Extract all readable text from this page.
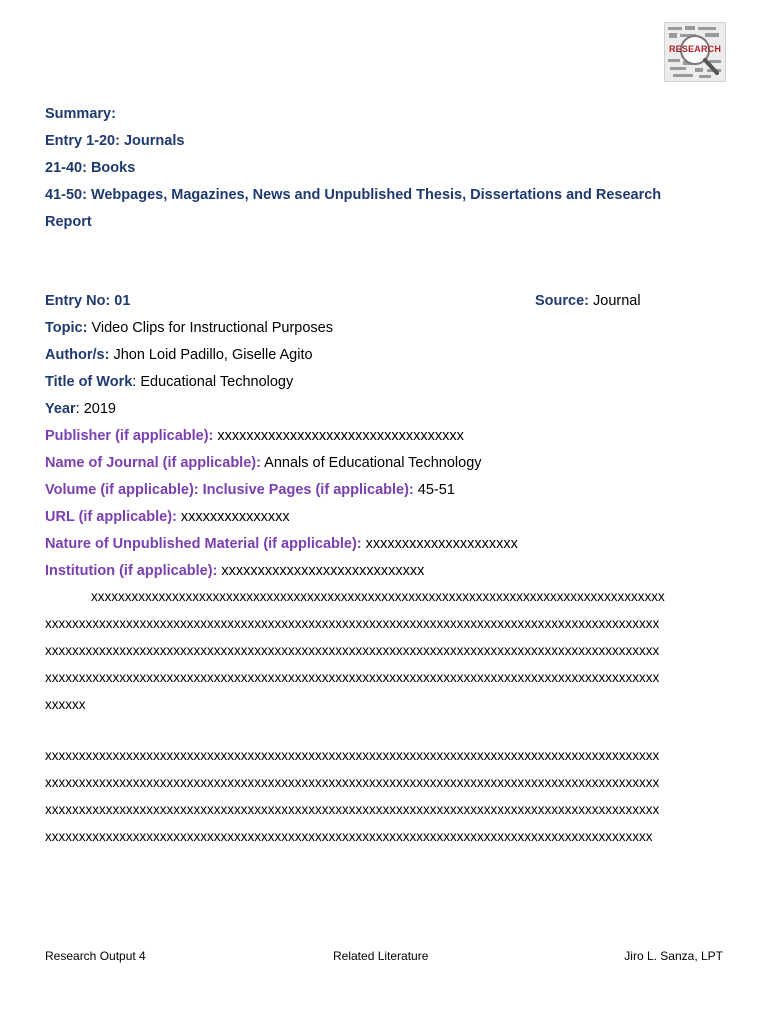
RESEARCH
Summary:
Entry 1-20: Journals
21-40: Books
41-50: Webpages, Magazines, News and Unpublished Thesis, Dissertations and Research
Report
Entry No: 01	Source: Journal
Topic: Video Clips for Instructional Purposes
Author/s: Jhon Loid Padillo, Giselle Agito
Title of Work: Educational Technology
Year: 2019
Publisher (if applicable): xxxxxxxxxxxxxxxxxxxxxxxxxxxxxxxxxx
Name of Journal (if applicable): Annals of Educational Technology
Volume (if applicable): Inclusive Pages (if applicable): 45-51
URL (if applicable): xxxxxxxxxxxxxxx
Nature of Unpublished Material (if applicable): xxxxxxxxxxxxxxxxxxxxx
Institution (if applicable): xxxxxxxxxxxxxxxxxxxxxxxxxxxx
xxxxxxxxxxxxxxxxxxxxxxxxxxxxxxxxxxxxxxxxxxxxxxxxxxxxxxxxxxxxxxxxxxxxxxxxxxxxxxxxxxxxx
xxxxxxxxxxxxxxxxxxxxxxxxxxxxxxxxxxxxxxxxxxxxxxxxxxxxxxxxxxxxxxxxxxxxxxxxxxxxxxxxxxxxxxxxxxx
xxxxxxxxxxxxxxxxxxxxxxxxxxxxxxxxxxxxxxxxxxxxxxxxxxxxxxxxxxxxxxxxxxxxxxxxxxxxxxxxxxxxxxxxxxx
xxxxxxxxxxxxxxxxxxxxxxxxxxxxxxxxxxxxxxxxxxxxxxxxxxxxxxxxxxxxxxxxxxxxxxxxxxxxxxxxxxxxxxxxxxx
xxxxxx
xxxxxxxxxxxxxxxxxxxxxxxxxxxxxxxxxxxxxxxxxxxxxxxxxxxxxxxxxxxxxxxxxxxxxxxxxxxxxxxxxxxxxxxxxxx
xxxxxxxxxxxxxxxxxxxxxxxxxxxxxxxxxxxxxxxxxxxxxxxxxxxxxxxxxxxxxxxxxxxxxxxxxxxxxxxxxxxxxxxxxxx
xxxxxxxxxxxxxxxxxxxxxxxxxxxxxxxxxxxxxxxxxxxxxxxxxxxxxxxxxxxxxxxxxxxxxxxxxxxxxxxxxxxxxxxxxxx
xxxxxxxxxxxxxxxxxxxxxxxxxxxxxxxxxxxxxxxxxxxxxxxxxxxxxxxxxxxxxxxxxxxxxxxxxxxxxxxxxxxxxxxxxx
Research Output 4	Related Literature	Jiro L. Sanza, LPT
